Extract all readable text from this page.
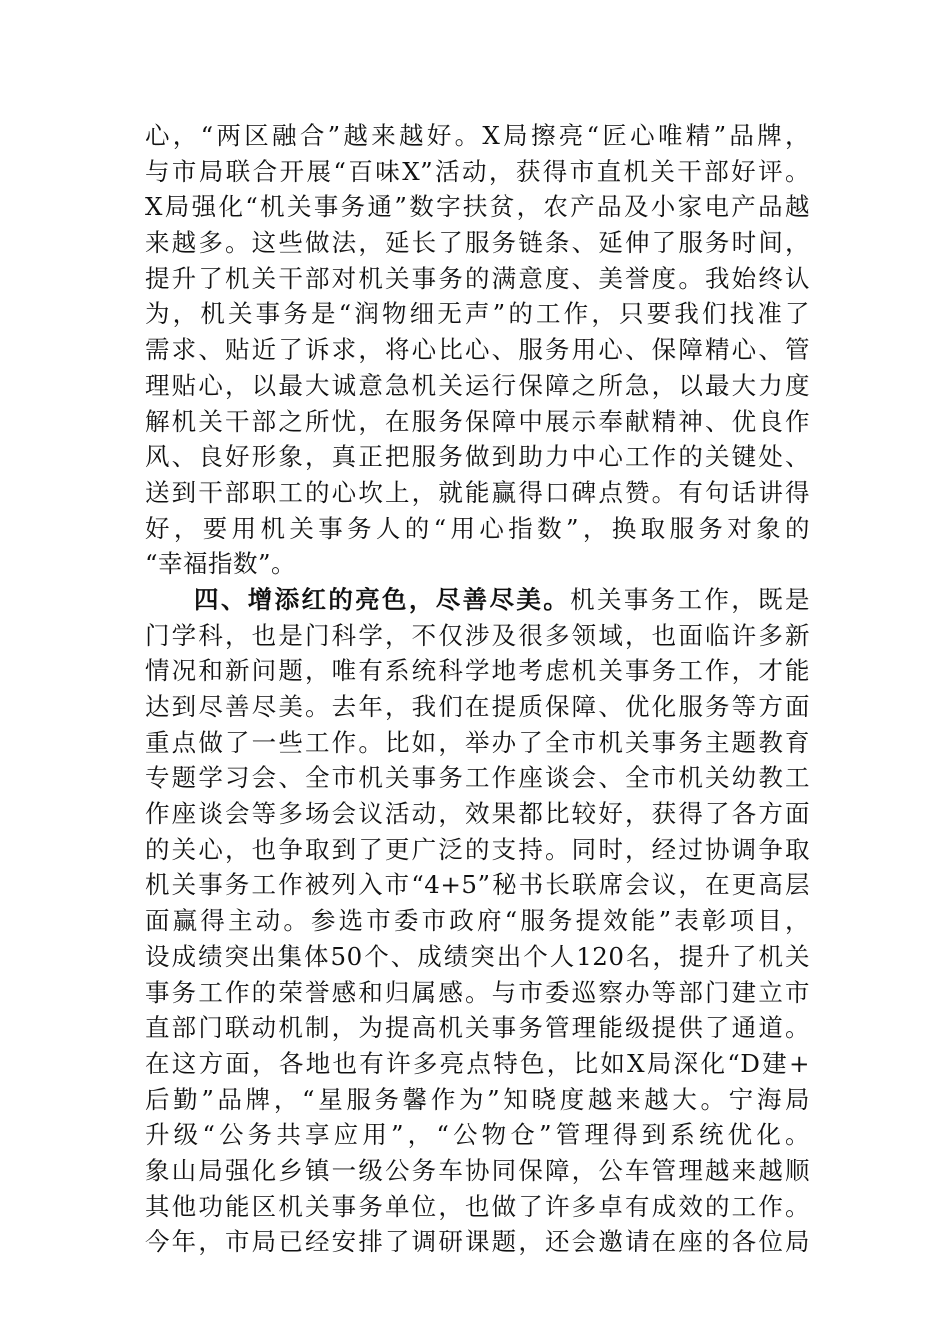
心，“两区融合”越来越好。X局擦亮“匠心唯精”品牌，
与市局联合开展“百味X”活动，获得市直机关干部好评。
X局强化“机关事务通”数字扶贫，农产品及小家电产品越
来越多。这些做法，延长了服务链条、延伸了服务时间，
提升了机关干部对机关事务的满意度、美誉度。我始终认
为，机关事务是“润物细无声”的工作，只要我们找准了
需求、贴近了诉求，将心比心、服务用心、保障精心、管
理贴心，以最大诚意急机关运行保障之所急，以最大力度
解机关干部之所忧，在服务保障中展示奉献精神、优良作
风、良好形象，真正把服务做到助力中心工作的关键处、
送到干部职工的心坎上，就能赢得口碑点赞。有句话讲得
好，要用机关事务人的“用心指数”，换取服务对象的
“幸福指数”。
四、增添红的亮色，尽善尽美。机关事务工作，既是
门学科，也是门科学，不仅涉及很多领域，也面临许多新
情况和新问题，唯有系统科学地考虑机关事务工作，才能
达到尽善尽美。去年，我们在提质保障、优化服务等方面
重点做了一些工作。比如，举办了全市机关事务主题教育
专题学习会、全市机关事务工作座谈会、全市机关幼教工
作座谈会等多场会议活动，效果都比较好，获得了各方面
的关心，也争取到了更广泛的支持。同时，经过协调争取
机关事务工作被列入市“4+5”秘书长联席会议，在更高层
面赢得主动。参选市委市政府“服务提效能”表彰项目，
设成绩突出集体50个、成绩突出个人120名，提升了机关
事务工作的荣誉感和归属感。与市委巡察办等部门建立市
直部门联动机制，为提高机关事务管理能级提供了通道。
在这方面，各地也有许多亮点特色，比如X局深化“D建+
后勤”品牌，“星服务馨作为”知晓度越来越大。宁海局
升级“公务共享应用”，“公物仓”管理得到系统优化。
象山局强化乡镇一级公务车协同保障，公车管理越来越顺
其他功能区机关事务单位，也做了许多卓有成效的工作。
今年，市局已经安排了调研课题，还会邀请在座的各位局
